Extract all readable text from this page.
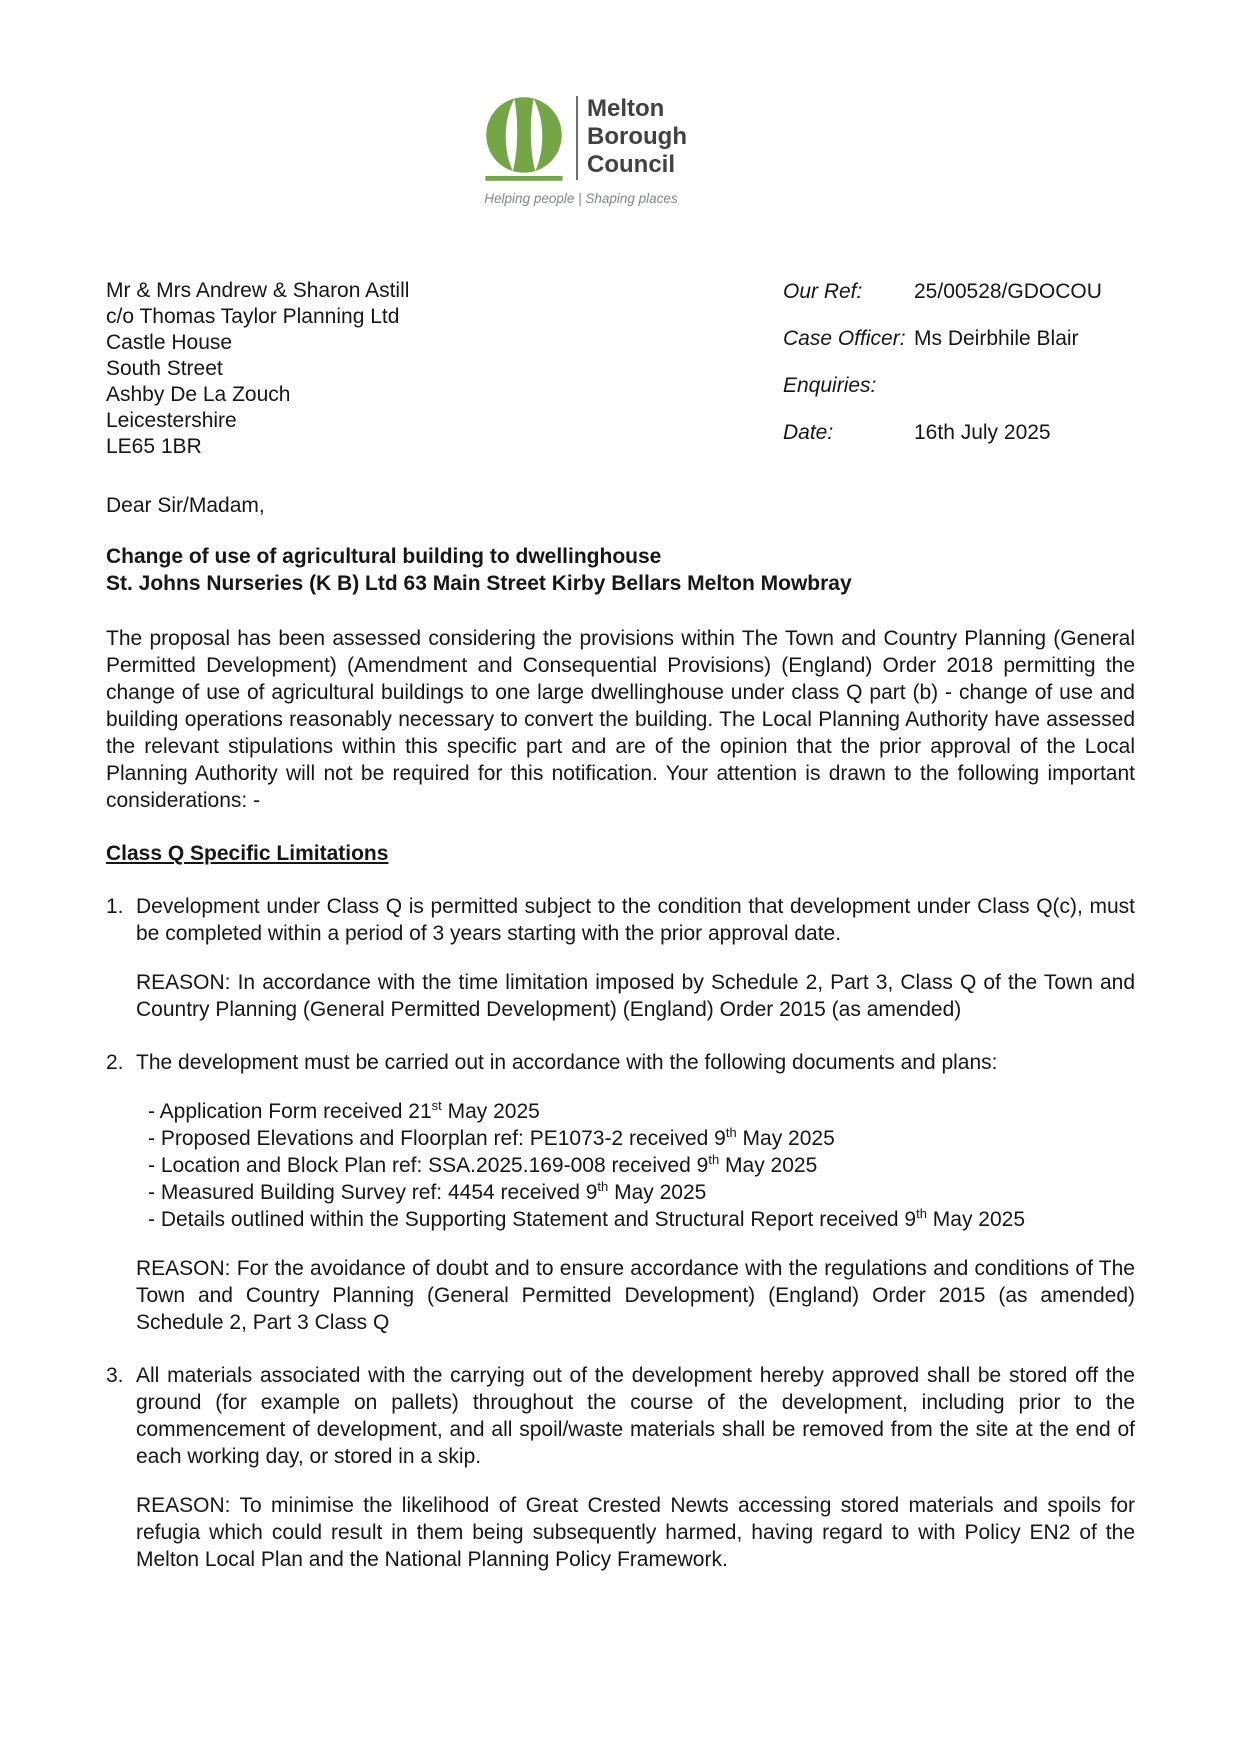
Melton
Borough
Council
Helping people | Shaping places
Mr & Mrs Andrew & Sharon Astill
c/o Thomas Taylor Planning Ltd
Castle House
South Street
Ashby De La Zouch
Leicestershire
LE65 1BR
Our Ref: 25/00528/GDOCOU
Case Officer: Ms Deirbhile Blair
Enquiries:
Date:	16th July 2025

Dear Sir/Madam,

Change of use of agricultural building to dwellinghouse
St. Johns Nurseries (K B) Ltd 63 Main Street Kirby Bellars Melton Mowbray

The proposal has been assessed considering the provisions within The Town and Country Planning (General Permitted Development) (Amendment and Consequential Provisions) (England) Order 2018 permitting the change of use of agricultural buildings to one large dwellinghouse under class Q part (b) - change of use and building operations reasonably necessary to convert the building. The Local Planning Authority have assessed the relevant stipulations within this specific part and are of the opinion that the prior approval of the Local Planning Authority will not be required for this notification. Your attention is drawn to the following important considerations: -

Class Q Specific Limitations
1. Development under Class Q is permitted subject to the condition that development under Class Q(c), must be completed within a period of 3 years starting with the prior approval date.

REASON: In accordance with the time limitation imposed by Schedule 2, Part 3, Class Q of the Town and Country Planning (General Permitted Development) (England) Order 2015 (as amended)

2. The development must be carried out in accordance with the following documents and plans:
- Application Form received 21st May 2025
- Proposed Elevations and Floorplan ref: PE1073-2 received 9th May 2025
- Location and Block Plan ref: SSA.2025.169-008 received 9th May 2025
- Measured Building Survey ref: 4454 received 9th May 2025
- Details outlined within the Supporting Statement and Structural Report received 9th May 2025

REASON: For the avoidance of doubt and to ensure accordance with the regulations and conditions of The Town and Country Planning (General Permitted Development) (England) Order 2015 (as amended) Schedule 2, Part 3 Class Q

3. All materials associated with the carrying out of the development hereby approved shall be stored off the ground (for example on pallets) throughout the course of the development, including prior to the commencement of development, and all spoil/waste materials shall be removed from the site at the end of each working day, or stored in a skip.

REASON: To minimise the likelihood of Great Crested Newts accessing stored materials and spoils for refugia which could result in them being subsequently harmed, having regard to with Policy EN2 of the Melton Local Plan and the National Planning Policy Framework.
